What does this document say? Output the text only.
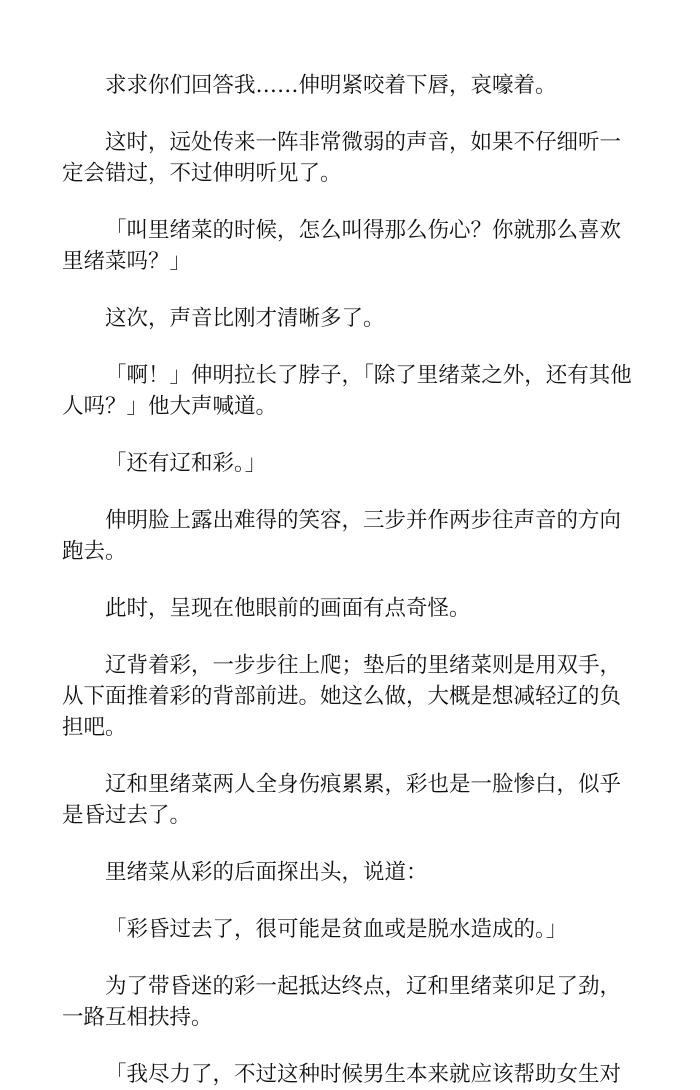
求求你们回答我……伸明紧咬着下唇，哀嚎着。

这时，远处传来一阵非常微弱的声音，如果不仔细听一定会错过，不过伸明听见了。

「叫里绪菜的时候，怎么叫得那么伤心？你就那么喜欢里绪菜吗？」

这次，声音比刚才清晰多了。

「啊！」伸明拉长了脖子，「除了里绪菜之外，还有其他人吗？」他大声喊道。

「还有辽和彩。」

伸明脸上露出难得的笑容，三步并作两步往声音的方向跑去。

此时，呈现在他眼前的画面有点奇怪。

辽背着彩，一步步往上爬；垫后的里绪菜则是用双手，从下面推着彩的背部前进。她这么做，大概是想减轻辽的负担吧。

辽和里绪菜两人全身伤痕累累，彩也是一脸惨白，似乎是昏过去了。

里绪菜从彩的后面探出头，说道：

「彩昏过去了，很可能是贫血或是脱水造成的。」

为了带昏迷的彩一起抵达终点，辽和里绪菜卯足了劲，一路互相扶持。

「我尽力了，不过这种时候男生本来就应该帮助女生对
